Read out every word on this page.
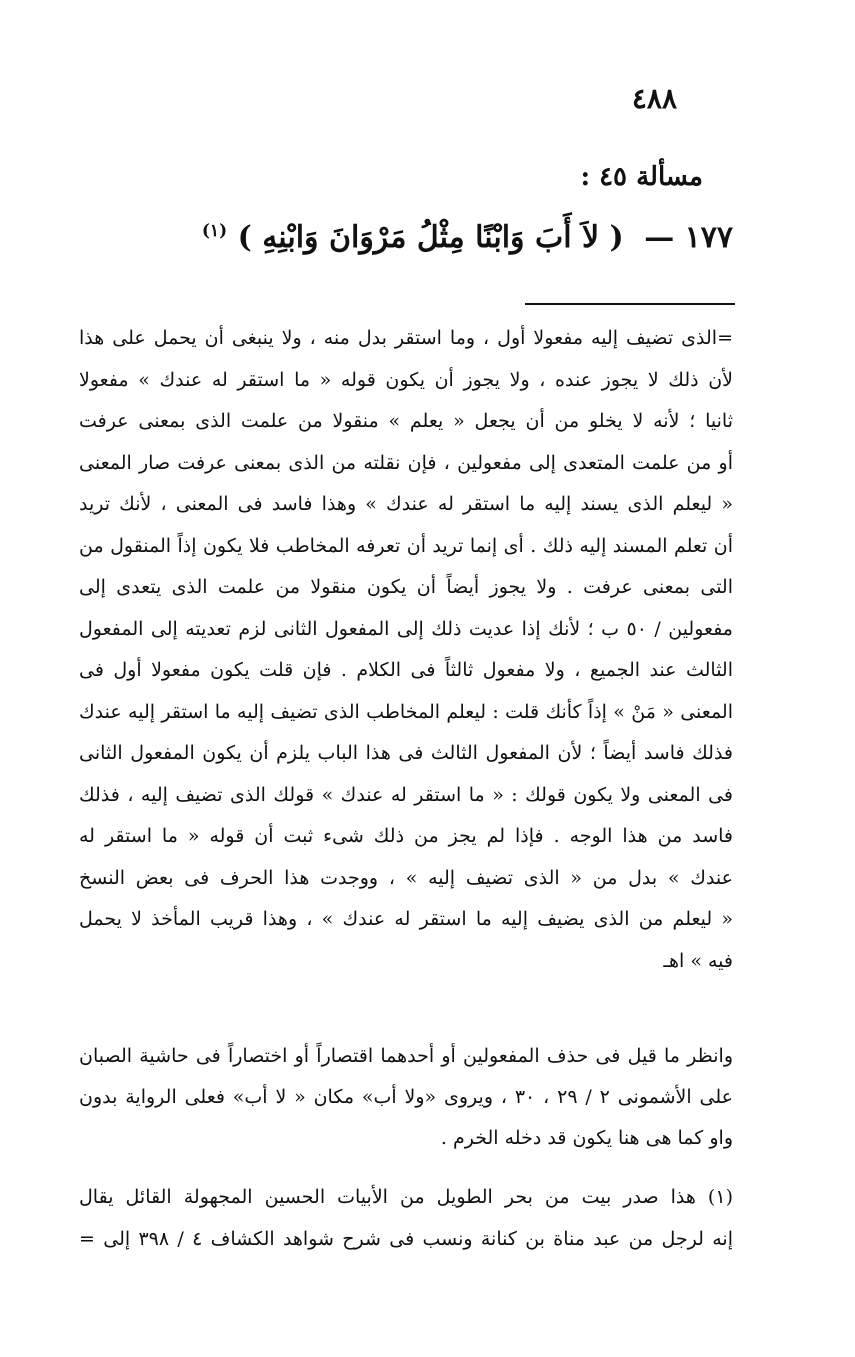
٤٨٨
مسألة ٤٥ :
١٧٧ — ( لاَ أَبَ وَابْنًا مِثْلُ مَرْوَانَ وَابْنِهِ ) $^{(١)}$
=الذى تضيف إليه مفعولا أول ، وما استقر بدل منه ، ولا ينبغى أن يحمل على هذا
لأن ذلك لا يجوز عنده ، ولا يجوز أن يكون قوله « ما استقر له عندك » مفعولا
ثانيا ؛ لأنه لا يخلو من أن يجعل « يعلم » منقولا من علمت الذى بمعنى عرفت
أو من علمت المتعدى إلى مفعولين ، فإن نقلته من الذى بمعنى عرفت صار المعنى
« ليعلم الذى يسند إليه ما استقر له عندك » وهذا فاسد فى المعنى ، لأنك تريد
أن تعلم المسند إليه ذلك . أى إنما تريد أن تعرفه المخاطب فلا يكون إذاً المنقول من
التى بمعنى عرفت . ولا يجوز أيضاً أن يكون منقولا من علمت الذى يتعدى إلى
مفعولين / ٥٠ ب ؛ لأنك إذا عديت ذلك إلى المفعول الثانى لزم تعديته إلى المفعول
الثالث عند الجميع ، ولا مفعول ثالثاً فى الكلام . فإن قلت يكون مفعولا أول فى
المعنى « مَنْ » إذاً كأنك قلت : ليعلم المخاطب الذى تضيف إليه ما استقر إليه عندك
فذلك فاسد أيضاً ؛ لأن المفعول الثالث فى هذا الباب يلزم أن يكون المفعول الثانى
فى المعنى ولا يكون قولك : « ما استقر له عندك » قولك الذى تضيف إليه ، فذلك
فاسد من هذا الوجه . فإذا لم يجز من ذلك شىء ثبت أن قوله « ما استقر له
عندك » بدل من « الذى تضيف إليه » ، ووجدت هذا الحرف فى بعض النسخ
« ليعلم من الذى يضيف إليه ما استقر له عندك » ، وهذا قريب المأخذ لا يحمل
فيه » اهـ
وانظر ما قيل فى حذف المفعولين أو أحدهما اقتصاراً أو اختصاراً فى حاشية الصبان
على الأشمونى ٢ / ٢٩ ، ٣٠ ، ويروى «ولا أب» مكان « لا أب» فعلى الرواية بدون
واو كما هى هنا يكون قد دخله الخرم .
(١) هذا صدر بيت من بحر الطويل من الأبيات الحسين المجهولة القائل يقال
إنه لرجل من عبد مناة بن كنانة ونسب فى شرح شواهد الكشاف ٤ / ٣٩٨ إلى =
